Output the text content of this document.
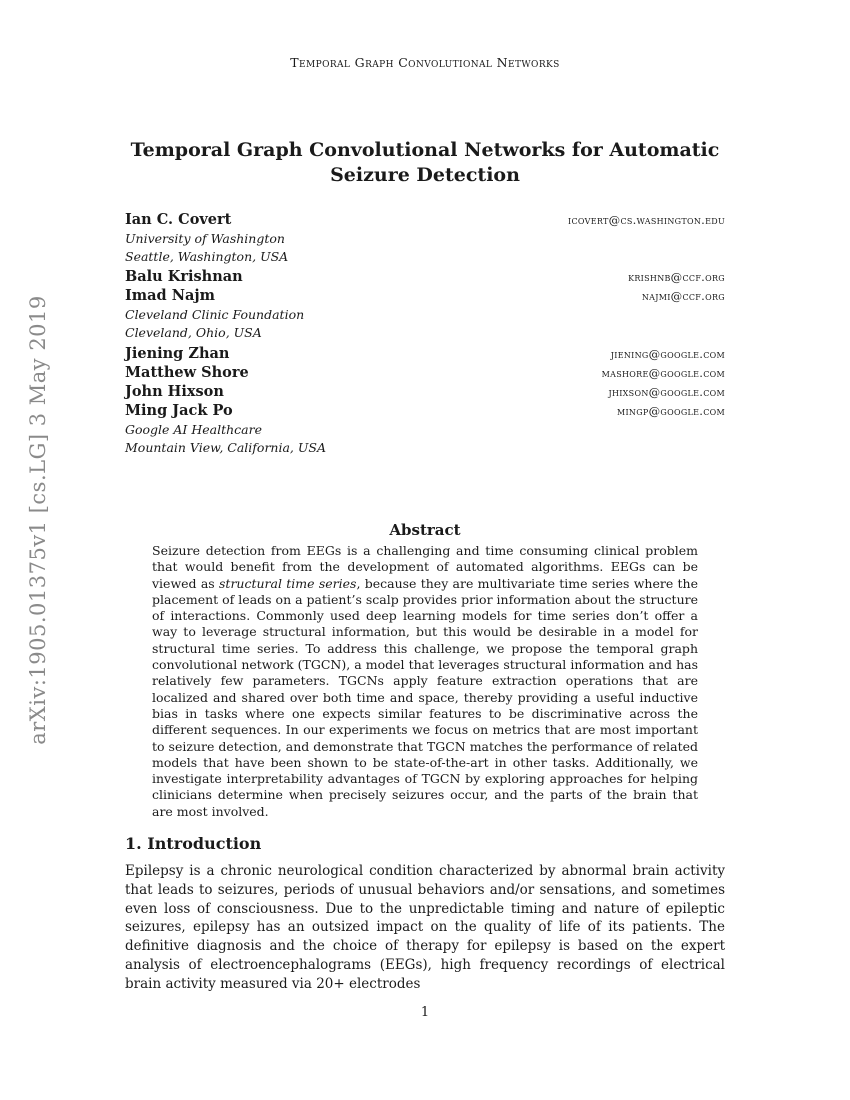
arXiv:1905.01375v1 [cs.LG] 3 May 2019
Temporal Graph Convolutional Networks
Temporal Graph Convolutional Networks for Automatic
Seizure Detection
Ian C. Covert	icovert@cs.washington.edu
University of Washington
Seattle, Washington, USA
Balu Krishnan	krishnb@ccf.org
Imad Najm	najmi@ccf.org
Cleveland Clinic Foundation
Cleveland, Ohio, USA
Jiening Zhan	jiening@google.com
Matthew Shore	mashore@google.com
John Hixson	jhixson@google.com
Ming Jack Po	mingp@google.com
Google AI Healthcare
Mountain View, California, USA
Abstract
Seizure detection from EEGs is a challenging and time consuming clinical problem that would benefit from the development of automated algorithms. EEGs can be viewed as structural time series, because they are multivariate time series where the placement of leads on a patient’s scalp provides prior information about the structure of interactions. Commonly used deep learning models for time series don’t offer a way to leverage structural information, but this would be desirable in a model for structural time series. To address this challenge, we propose the temporal graph convolutional network (TGCN), a model that leverages structural information and has relatively few parameters. TGCNs apply feature extraction operations that are localized and shared over both time and space, thereby providing a useful inductive bias in tasks where one expects similar features to be discriminative across the different sequences. In our experiments we focus on metrics that are most important to seizure detection, and demonstrate that TGCN matches the performance of related models that have been shown to be state-of-the-art in other tasks. Additionally, we investigate interpretability advantages of TGCN by exploring approaches for helping clinicians determine when precisely seizures occur, and the parts of the brain that are most involved.
1. Introduction
Epilepsy is a chronic neurological condition characterized by abnormal brain activity that leads to seizures, periods of unusual behaviors and/or sensations, and sometimes even loss of consciousness. Due to the unpredictable timing and nature of epileptic seizures, epilepsy has an outsized impact on the quality of life of its patients. The definitive diagnosis and the choice of therapy for epilepsy is based on the expert analysis of electroencephalograms (EEGs), high frequency recordings of electrical brain activity measured via 20+ electrodes
1
